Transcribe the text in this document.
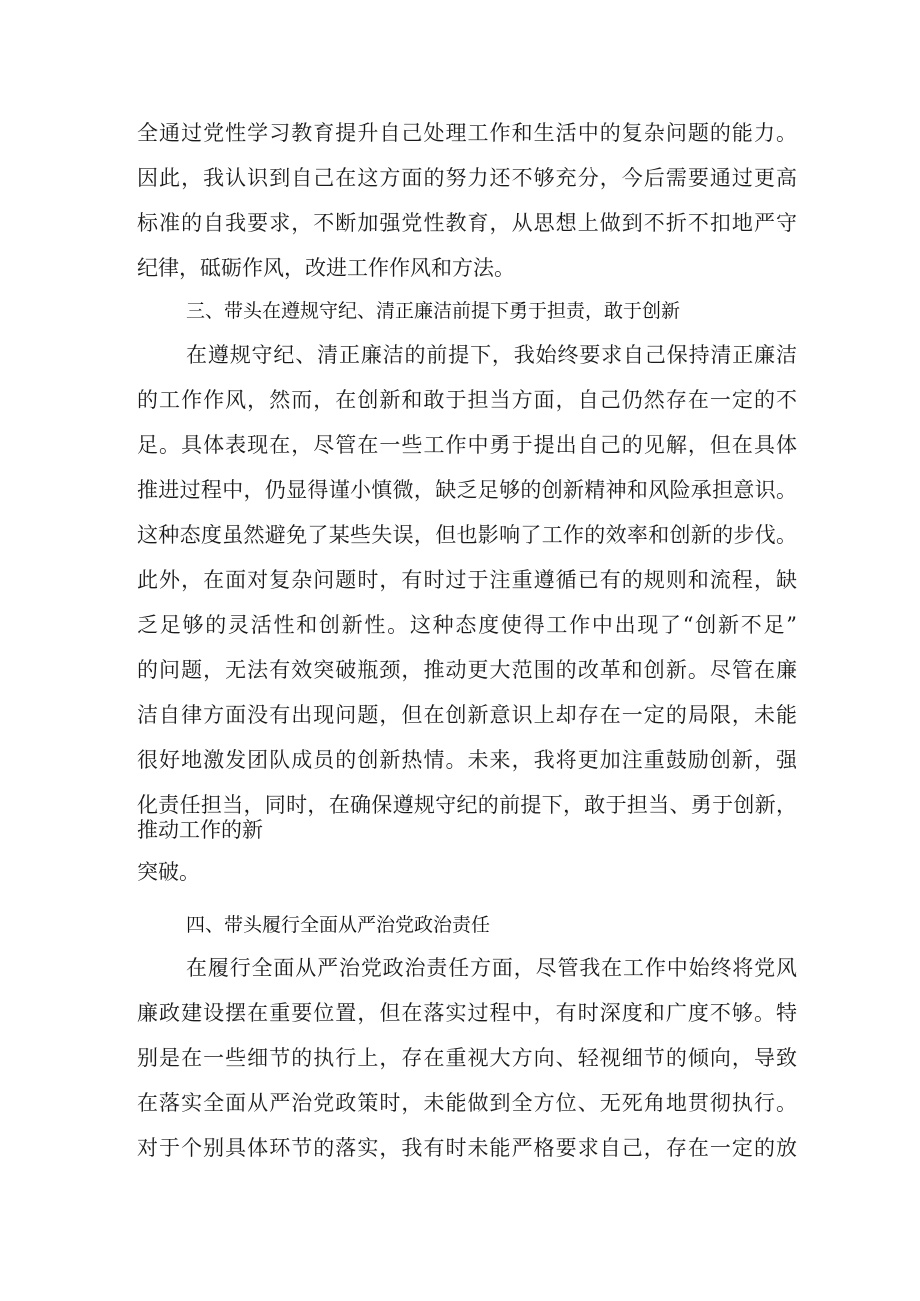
全通过党性学习教育提升自己处理工作和生活中的复杂问题的能力。
因此，我认识到自己在这方面的努力还不够充分，今后需要通过更高
标准的自我要求，不断加强党性教育，从思想上做到不折不扣地严守
纪律，砥砺作风，改进工作作风和方法。
三、带头在遵规守纪、清正廉洁前提下勇于担责，敢于创新
在遵规守纪、清正廉洁的前提下，我始终要求自己保持清正廉洁
的工作作风，然而，在创新和敢于担当方面，自己仍然存在一定的不
足。具体表现在，尽管在一些工作中勇于提出自己的见解，但在具体
推进过程中，仍显得谨小慎微，缺乏足够的创新精神和风险承担意识。
这种态度虽然避免了某些失误，但也影响了工作的效率和创新的步伐。
此外，在面对复杂问题时，有时过于注重遵循已有的规则和流程，缺
乏足够的灵活性和创新性。这种态度使得工作中出现了“创新不足”
的问题，无法有效突破瓶颈，推动更大范围的改革和创新。尽管在廉
洁自律方面没有出现问题，但在创新意识上却存在一定的局限，未能
很好地激发团队成员的创新热情。未来，我将更加注重鼓励创新，强
化责任担当，同时，在确保遵规守纪的前提下，敢于担当、勇于创新，
推动工作的新
突破。
四、带头履行全面从严治党政治责任
在履行全面从严治党政治责任方面，尽管我在工作中始终将党风
廉政建设摆在重要位置，但在落实过程中，有时深度和广度不够。特
别是在一些细节的执行上，存在重视大方向、轻视细节的倾向，导致
在落实全面从严治党政策时，未能做到全方位、无死角地贯彻执行。
对于个别具体环节的落实，我有时未能严格要求自己，存在一定的放
